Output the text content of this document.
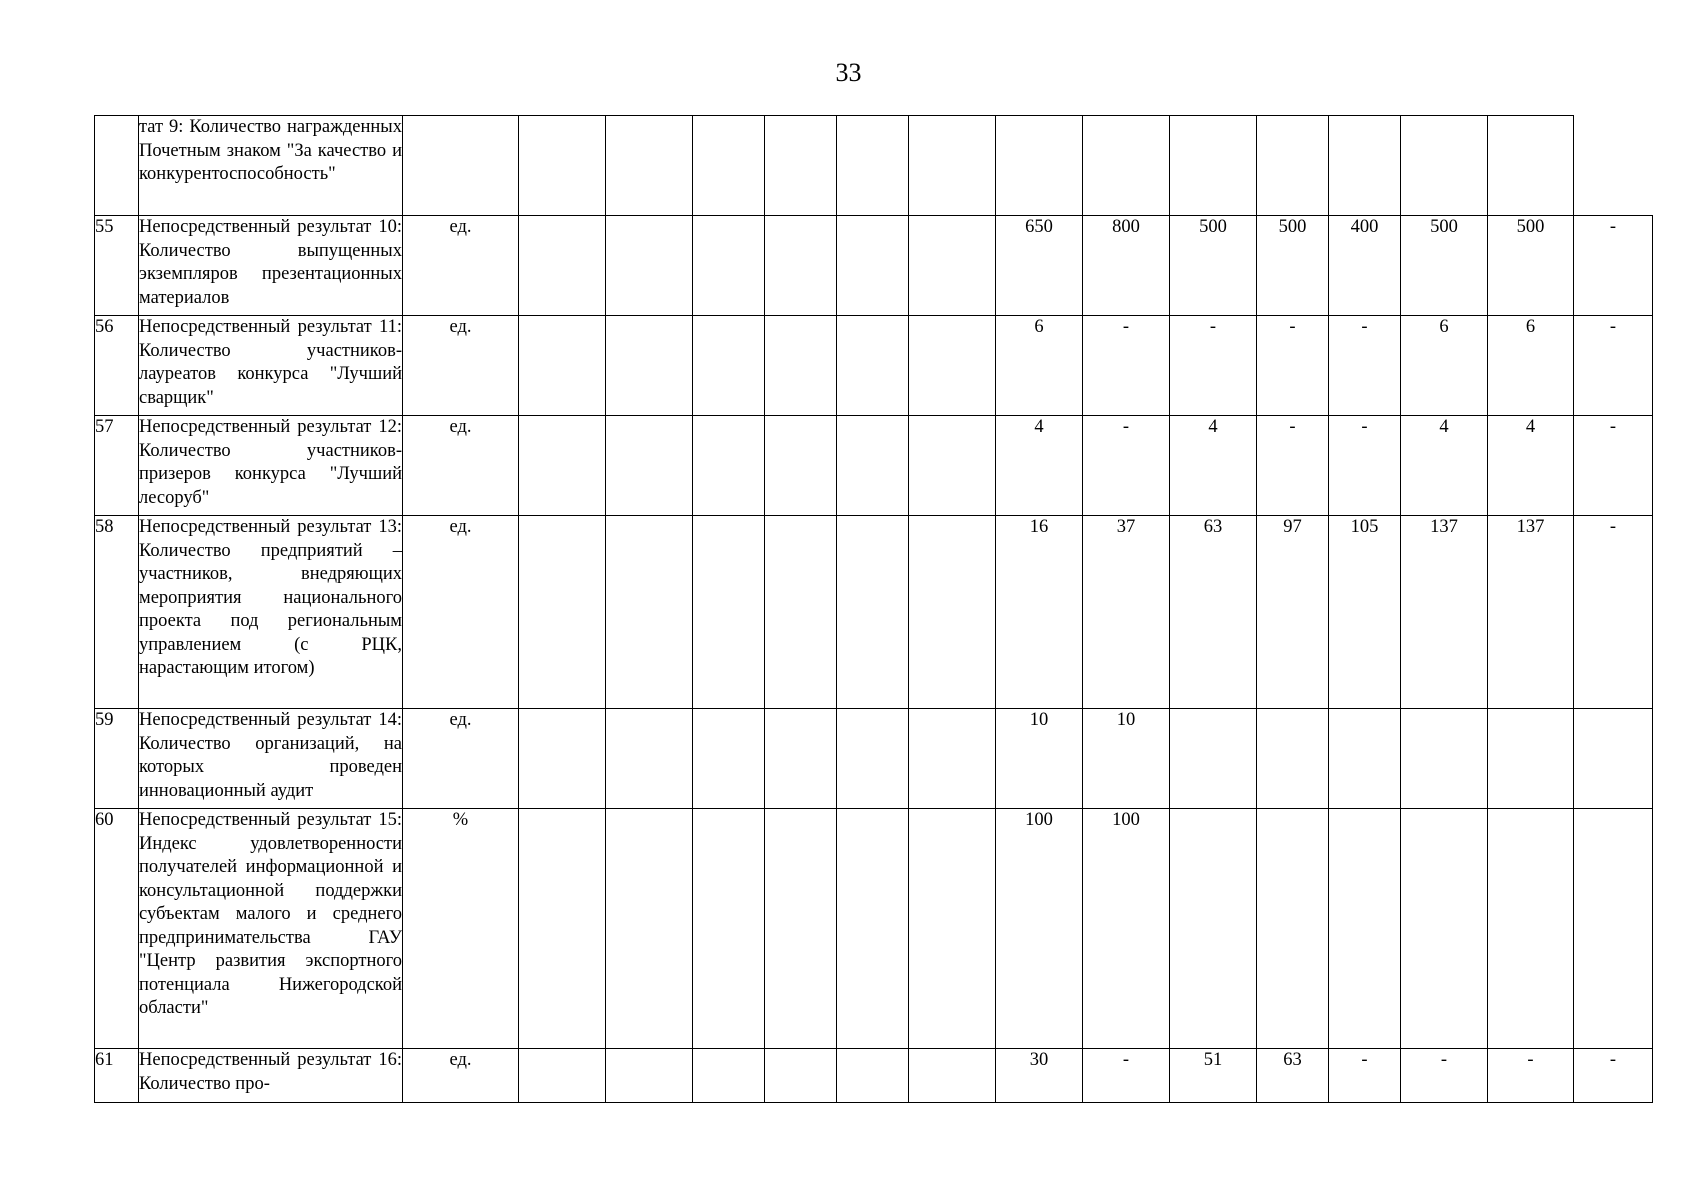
33
	тат 9: Количество награжденных Почетным знаком "За качество и конкурентоспособность"															
55	Непосредственный результат 10: Количество выпущенных экземпляров презентационных материалов	ед.							650	800	500	500	400	500	500	-
56	Непосредственный результат 11: Количество участников-лауреатов конкурса "Лучший сварщик"	ед.							6	-	-	-	-	6	6	-
57	Непосредственный результат 12: Количество участников-призеров конкурса "Лучший лесоруб"	ед.							4	-	4	-	-	4	4	-
58	Непосредственный результат 13: Количество предприятий – участников, внедряющих мероприятия национального проекта под региональным управлением (с РЦК, нарастающим итогом)	ед.							16	37	63	97	105	137	137	-
59	Непосредственный результат 14: Количество организаций, на которых проведен инновационный аудит	ед.							10	10						
60	Непосредственный результат 15: Индекс удовлетворенности получателей информационной и консультационной поддержки субъектам малого и среднего предпринимательства ГАУ "Центр развития экспортного потенциала Нижегородской области"	%							100	100						
61	Непосредственный результат 16: Количество про-	ед.							30	-	51	63	-	-	-	-
